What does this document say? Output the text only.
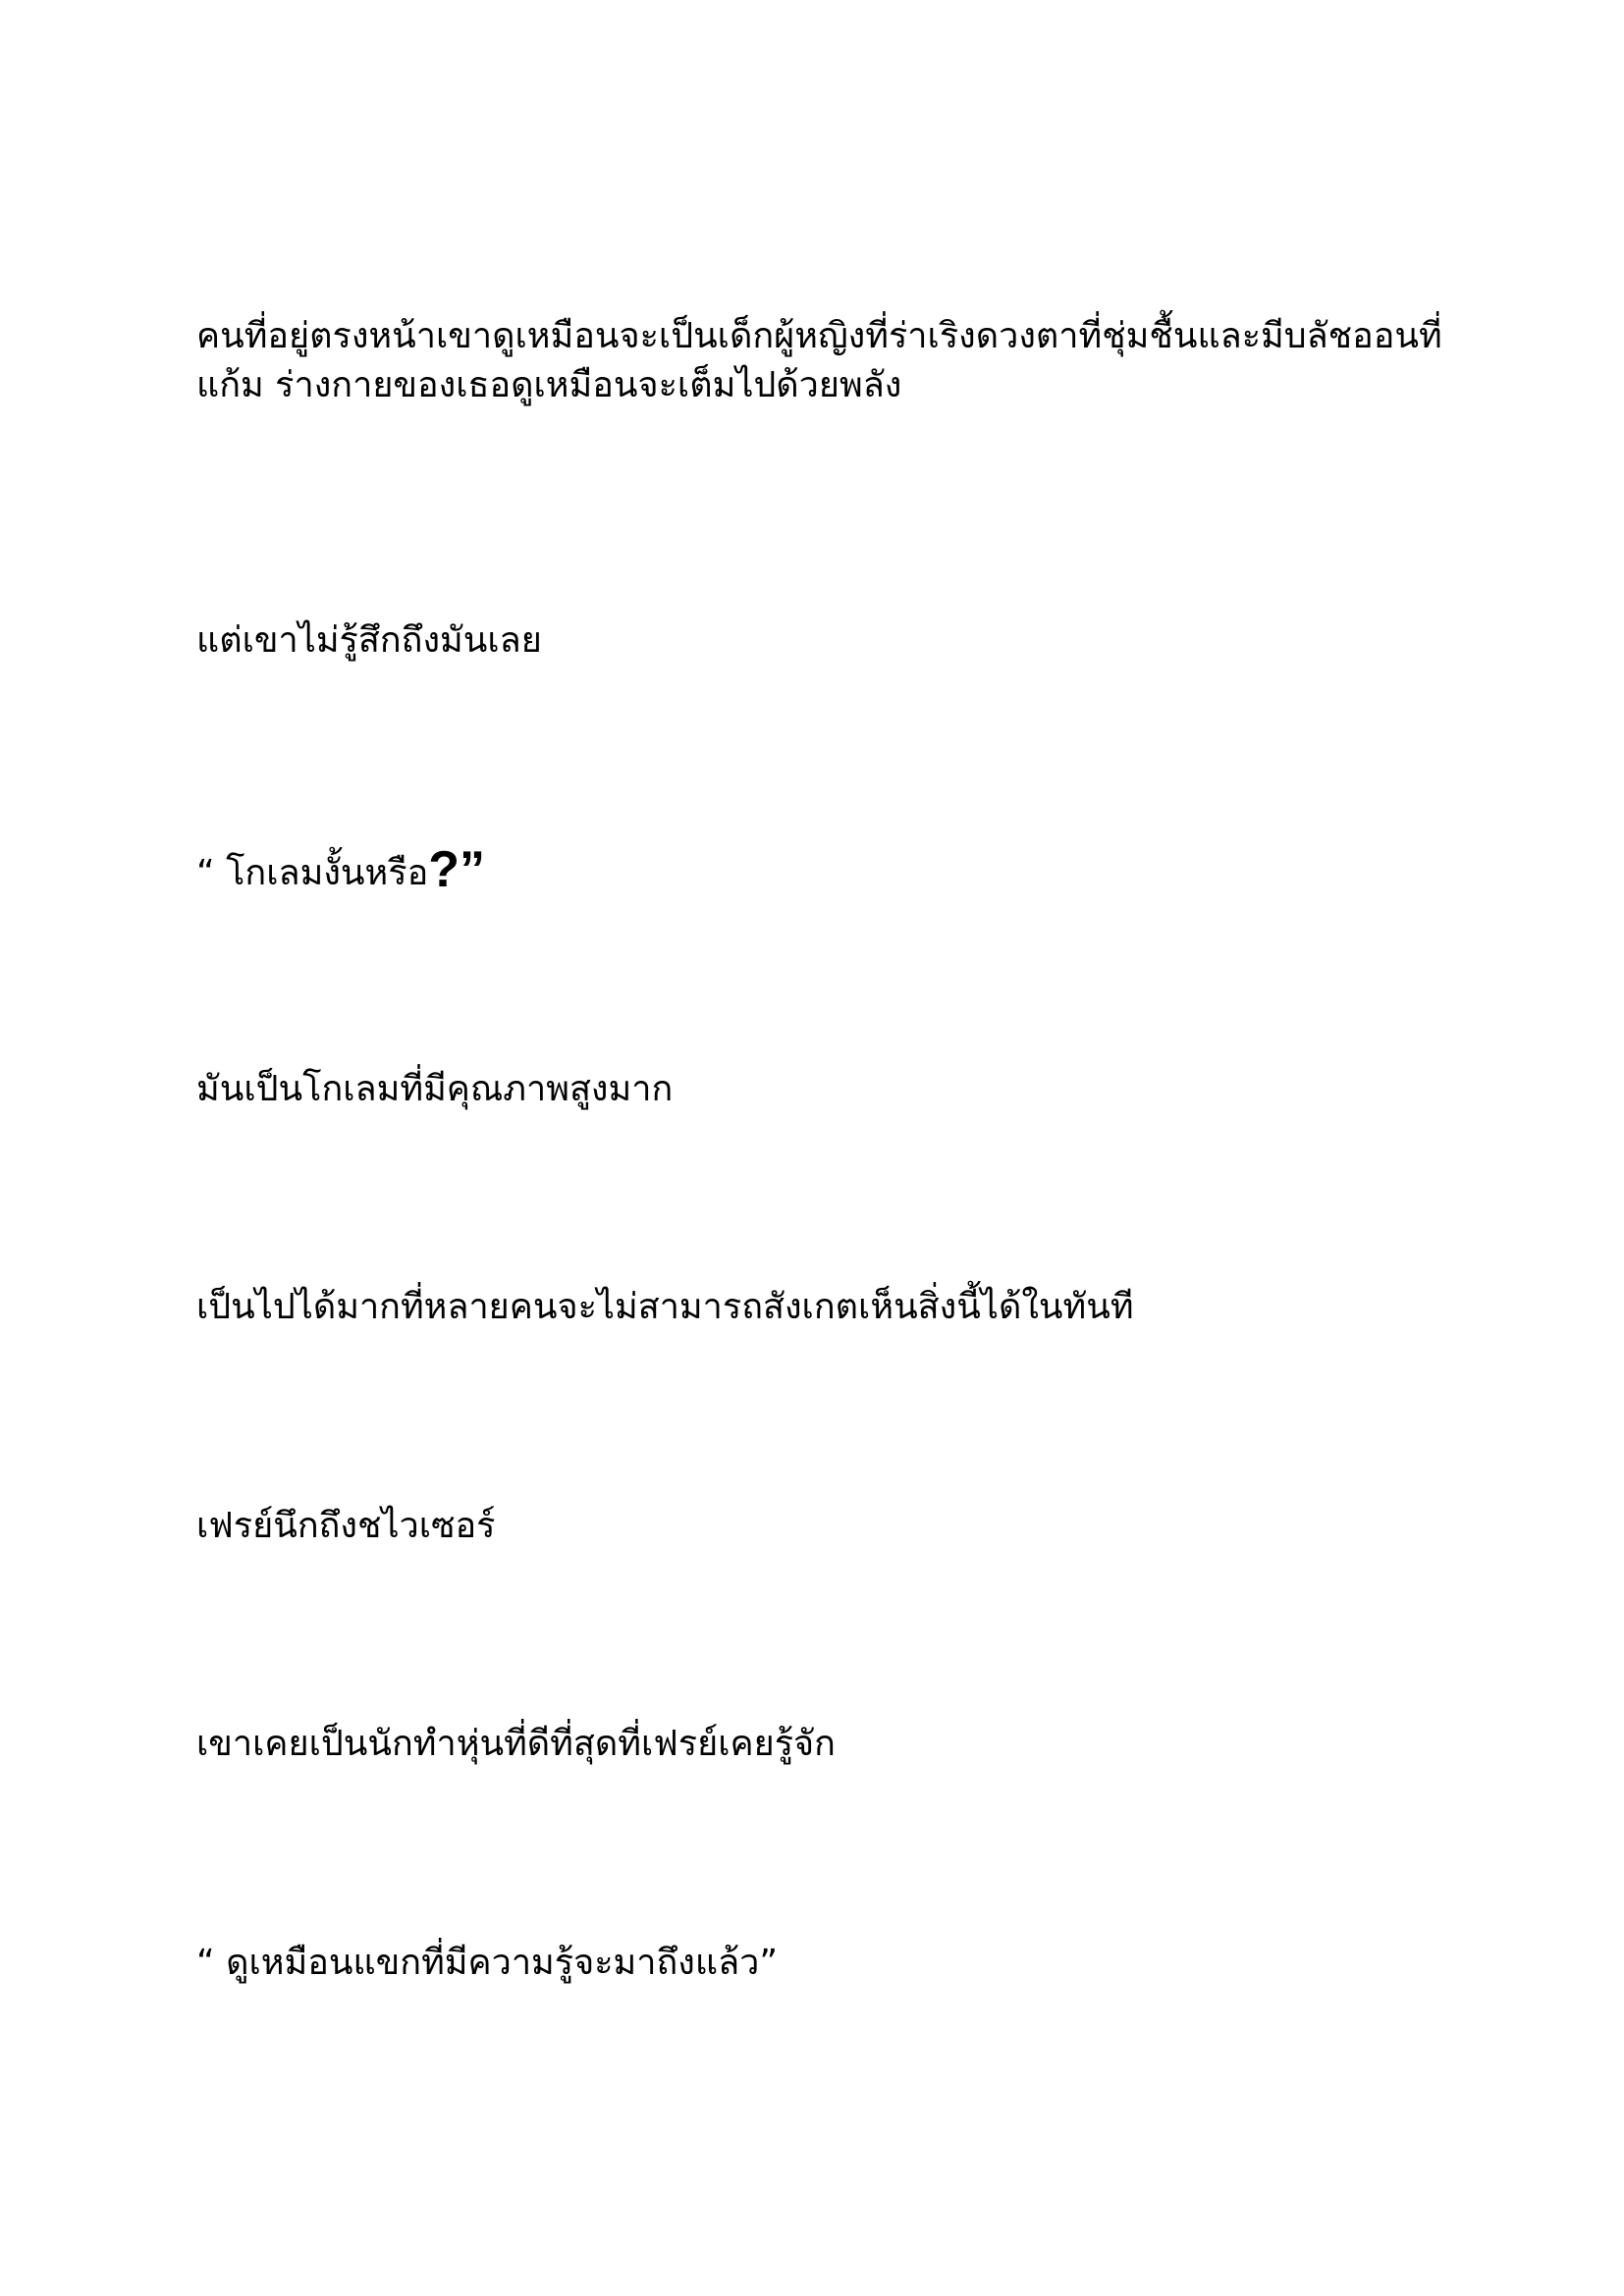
คนที่อยู่ตรงหน้าเขาดูเหมือนจะเป็นเด็กผู้หญิงที่ร่าเริงดวงตาที่ชุ่มชื้นและมีบลัชออนที่
แก้ม ร่างกายของเธอดูเหมือนจะเต็มไปด้วยพลัง

แต่เขาไม่รู้สึกถึงมันเลย

“ โกเลมงั้นหรือ?”

มันเป็นโกเลมที่มีคุณภาพสูงมาก

เป็นไปได้มากที่หลายคนจะไม่สามารถสังเกตเห็นสิ่งนี้ได้ในทันที

เฟรย์นึกถึงชไวเซอร์

เขาเคยเป็นนักทำหุ่นที่ดีที่สุดที่เฟรย์เคยรู้จัก

“ ดูเหมือนแขกที่มีความรู้จะมาถึงแล้ว”
